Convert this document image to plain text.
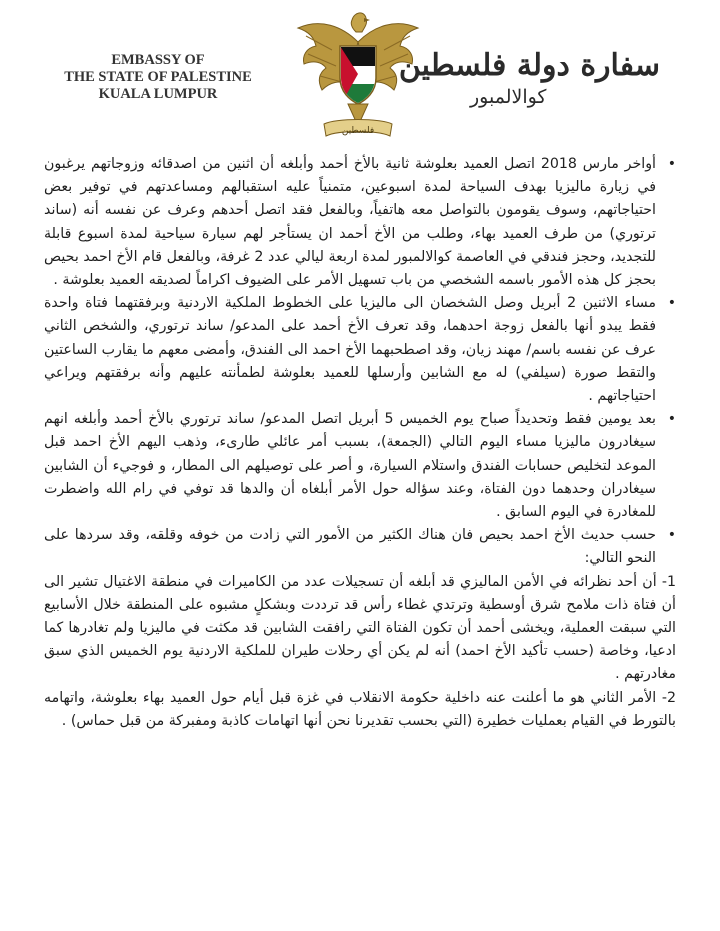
EMBASSY OF
THE STATE OF PALESTINE
KUALA LUMPUR
فلسطين
سفارة دولة فلسطين
كوالالمبور

• أواخر مارس 2018 اتصل العميد بعلوشة ثانية بالأخ أحمد وأبلغه أن اثنين من اصدقائه وزوجاتهم يرغبون في زيارة ماليزيا بهدف السياحة لمدة اسبوعين، متمنياً عليه استقبالهم ومساعدتهم في توفير بعض احتياجاتهم، وسوف يقومون بالتواصل معه هاتفياً، وبالفعل فقد اتصل أحدهم وعرف عن نفسه أنه (ساند ترتوري) من طرف العميد بهاء، وطلب من الأخ أحمد ان يستأجر لهم سيارة سياحية لمدة اسبوع قابلة للتجديد، وحجز فندقي في العاصمة كوالالمبور لمدة اربعة ليالي عدد 2 غرفة، وبالفعل قام الأخ احمد بحيص بحجز كل هذه الأمور باسمه الشخصي من باب تسهيل الأمر على الضيوف اكراماً لصديقه العميد بعلوشة .

• مساء الاثنين 2 أبريل وصل الشخصان الى ماليزيا على الخطوط الملكية الاردنية وبرفقتهما فتاة واحدة فقط يبدو أنها بالفعل زوجة احدهما، وقد تعرف الأخ أحمد على المدعو/ ساند ترتوري، والشخص الثاني عرف عن نفسه باسم/ مهند زيان، وقد اصطحبهما الأخ احمد الى الفندق، وأمضى معهم ما يقارب الساعتين والتقط صورة (سيلفي) له مع الشابين وأرسلها للعميد بعلوشة لطمأنته عليهم وأنه برفقتهم ويراعي احتياجاتهم .

• بعد يومين فقط وتحديداً صباح يوم الخميس 5 أبريل اتصل المدعو/ ساند ترتوري بالأخ أحمد وأبلغه انهم سيغادرون ماليزيا مساء اليوم التالي (الجمعة)، بسبب أمر عائلي طارىء، وذهب اليهم الأخ احمد قبل الموعد لتخليص حسابات الفندق واستلام السيارة، و أصر على توصيلهم الى المطار، و فوجيء أن الشابين سيغادران وحدهما دون الفتاة، وعند سؤاله حول الأمر أبلغاه أن والدها قد توفي في رام الله واضطرت للمغادرة في اليوم السابق .

• حسب حديث الأخ احمد بحيص فان هناك الكثير من الأمور التي زادت من خوفه وقلقه، وقد سردها على النحو التالي:

1- أن أحد نظرائه في الأمن الماليزي قد أبلغه أن تسجيلات عدد من الكاميرات في منطقة الاغتيال تشير الى أن فتاة ذات ملامح شرق أوسطية وترتدي غطاء رأس قد ترددت وبشكلٍ مشبوه على المنطقة خلال الأسابيع التي سبقت العملية، ويخشى أحمد أن تكون الفتاة التي رافقت الشابين قد مكثت في ماليزيا ولم تغادرها كما ادعيا، وخاصة (حسب تأكيد الأخ احمد) أنه لم يكن أي رحلات طيران للملكية الاردنية يوم الخميس الذي سبق مغادرتهم .

2- الأمر الثاني هو ما أعلنت عنه داخلية حكومة الانقلاب في غزة قبل أيام حول العميد بهاء بعلوشة، واتهامه بالتورط في القيام بعمليات خطيرة (التي بحسب تقديرنا نحن أنها اتهامات كاذبة ومفبركة من قبل حماس) .
